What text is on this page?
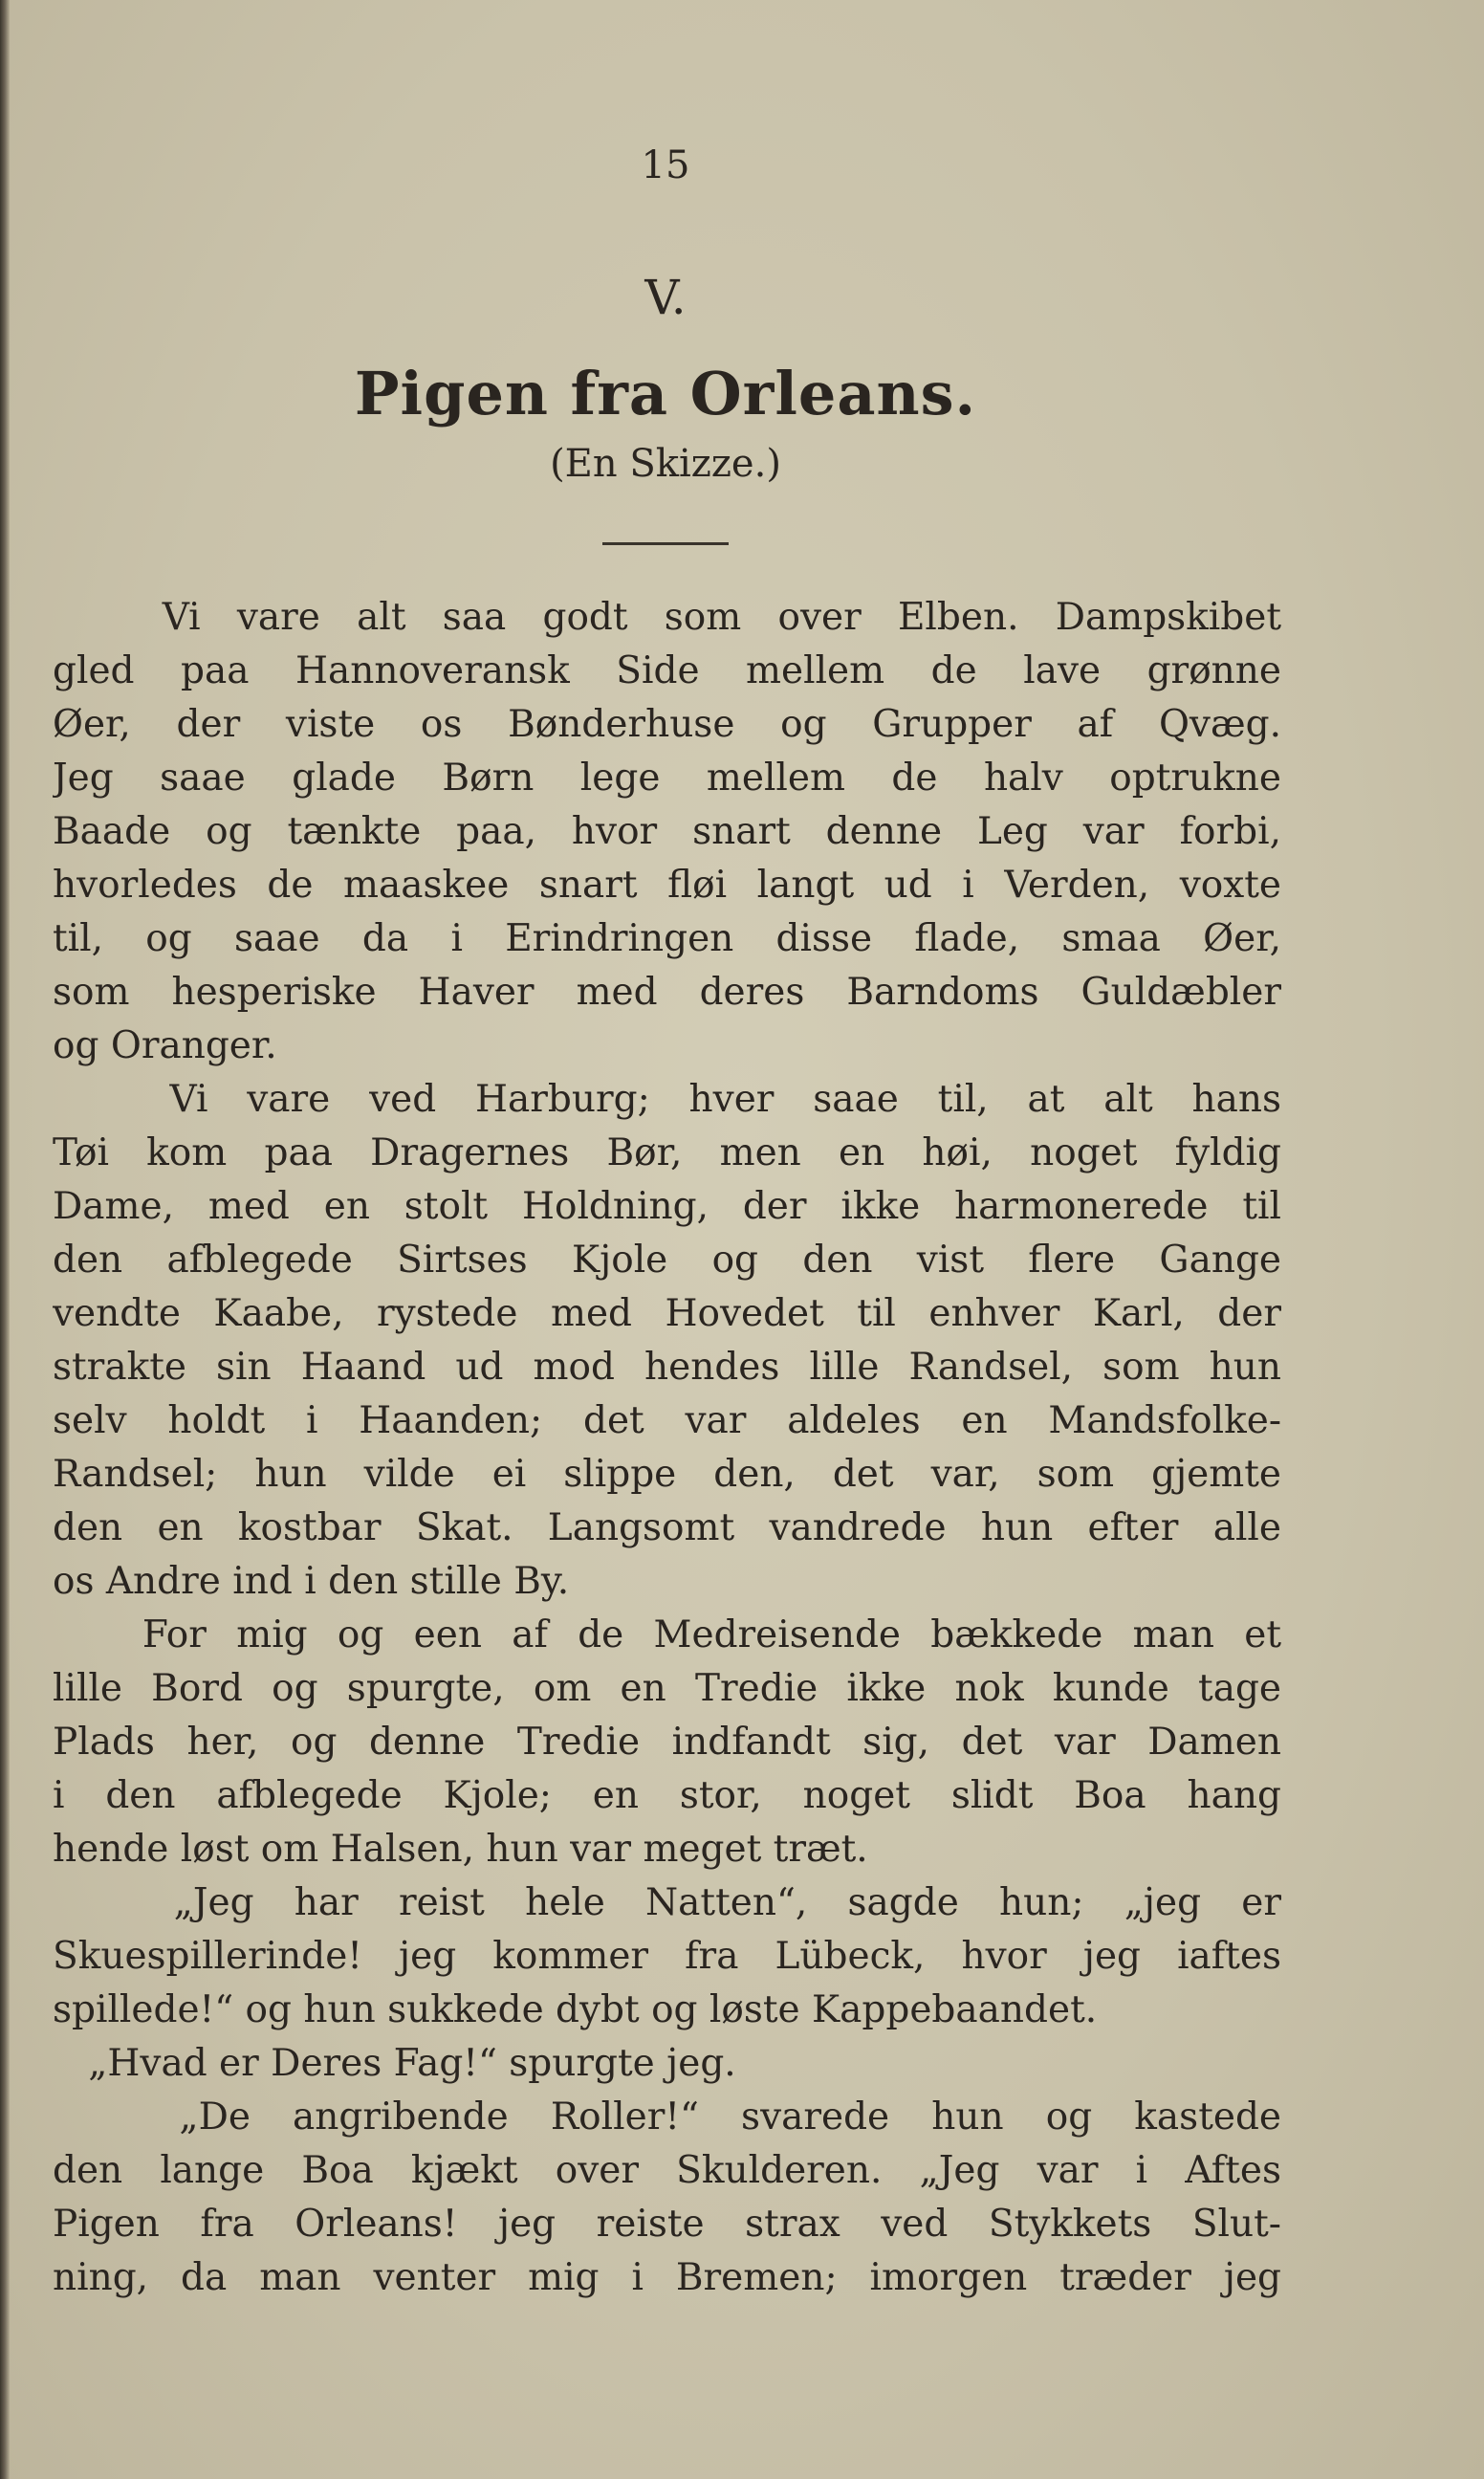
15
V.
Pigen fra Orleans.
(En Skizze.)
Vi vare alt saa godt som over Elben. Dampskibet
gled paa Hannoveransk Side mellem de lave grønne
Øer, der viste os Bønderhuse og Grupper af Qvæg.
Jeg saae glade Børn lege mellem de halv optrukne
Baade og tænkte paa, hvor snart denne Leg var forbi,
hvorledes de maaskee snart fløi langt ud i Verden, voxte
til, og saae da i Erindringen disse flade, smaa Øer,
som hesperiske Haver med deres Barndoms Guldæbler
og Oranger.
Vi vare ved Harburg; hver saae til, at alt hans
Tøi kom paa Dragernes Bør, men en høi, noget fyldig
Dame, med en stolt Holdning, der ikke harmonerede til
den afblegede Sirtses Kjole og den vist flere Gange
vendte Kaabe, rystede med Hovedet til enhver Karl, der
strakte sin Haand ud mod hendes lille Randsel, som hun
selv holdt i Haanden; det var aldeles en Mandsfolke-
Randsel; hun vilde ei slippe den, det var, som gjemte
den en kostbar Skat. Langsomt vandrede hun efter alle
os Andre ind i den stille By.
For mig og een af de Medreisende bækkede man et
lille Bord og spurgte, om en Tredie ikke nok kunde tage
Plads her, og denne Tredie indfandt sig, det var Damen
i den afblegede Kjole; en stor, noget slidt Boa hang
hende løst om Halsen, hun var meget træt.
„Jeg har reist hele Natten“, sagde hun; „jeg er
Skuespillerinde! jeg kommer fra Lübeck, hvor jeg iaftes
spillede!“ og hun sukkede dybt og løste Kappebaandet.
„Hvad er Deres Fag!“ spurgte jeg.
„De angribende Roller!“ svarede hun og kastede
den lange Boa kjækt over Skulderen. „Jeg var i Aftes
Pigen fra Orleans! jeg reiste strax ved Stykkets Slut-
ning, da man venter mig i Bremen; imorgen træder jeg
